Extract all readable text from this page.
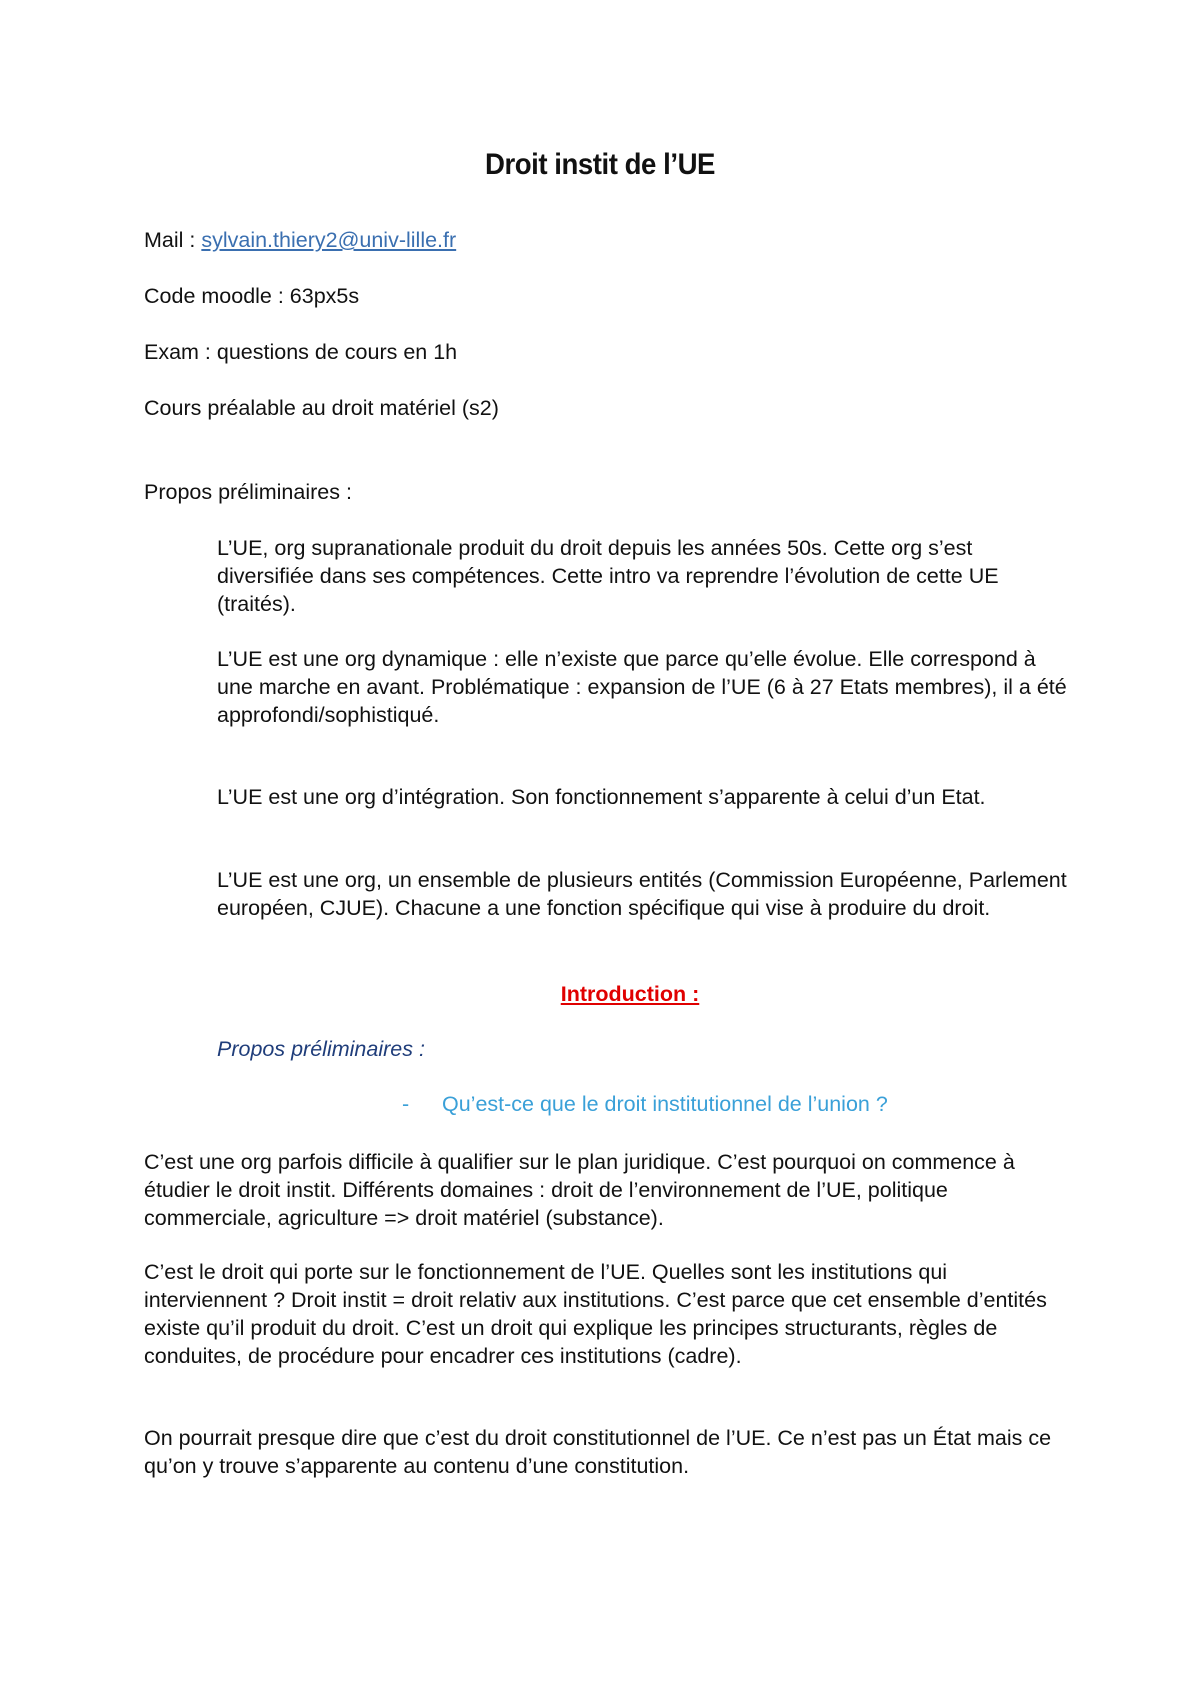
Droit instit de l’UE
Mail : sylvain.thiery2@univ-lille.fr
Code moodle : 63px5s
Exam : questions de cours en 1h
Cours préalable au droit matériel (s2)
Propos préliminaires :
L’UE, org supranationale produit du droit depuis les années 50s. Cette org s’est diversifiée dans ses compétences. Cette intro va reprendre l’évolution de cette UE (traités).
L’UE est une org dynamique : elle n’existe que parce qu’elle évolue. Elle correspond à une marche en avant. Problématique : expansion de l’UE (6 à 27 Etats membres), il a été approfondi/sophistiqué.
L’UE est une org d’intégration. Son fonctionnement s’apparente à celui d’un Etat.
L’UE est une org, un ensemble de plusieurs entités (Commission Européenne, Parlement européen, CJUE). Chacune a une fonction spécifique qui vise à produire du droit.
Introduction :
Propos préliminaires :
- Qu’est-ce que le droit institutionnel de l’union ?
C’est une org parfois difficile à qualifier sur le plan juridique. C’est pourquoi on commence à étudier le droit instit. Différents domaines : droit de l’environnement de l’UE, politique commerciale, agriculture => droit matériel (substance).
C’est le droit qui porte sur le fonctionnement de l’UE. Quelles sont les institutions qui interviennent ? Droit instit = droit relativ aux institutions. C’est parce que cet ensemble d’entités existe qu’il produit du droit. C’est un droit qui explique les principes structurants, règles de conduites, de procédure pour encadrer ces institutions (cadre).
On pourrait presque dire que c’est du droit constitutionnel de l’UE. Ce n’est pas un État mais ce qu’on y trouve s’apparente au contenu d’une constitution.
